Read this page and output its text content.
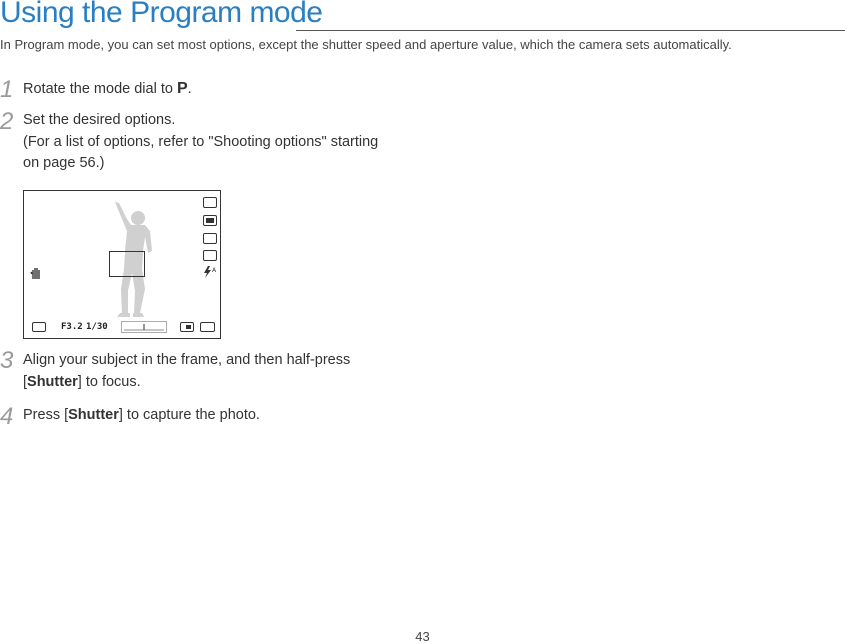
Using the Program mode
In Program mode, you can set most options, except the shutter speed and aperture value, which the camera sets automatically.
1 Rotate the mode dial to P.
2 Set the desired options.
(For a list of options, refer to "Shooting options" starting
on page 56.)
A
F3.2 1/30
3 Align your subject in the frame, and then half-press
[Shutter] to focus.
4 Press [Shutter] to capture the photo.
43
